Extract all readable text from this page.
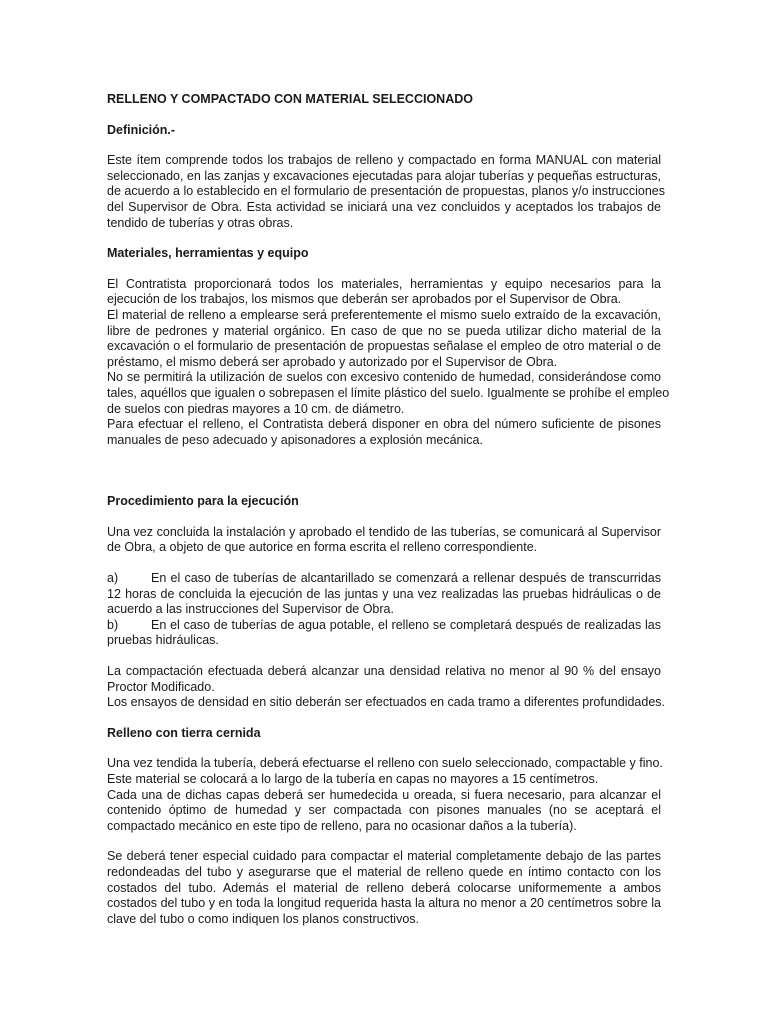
RELLENO Y COMPACTADO CON MATERIAL SELECCIONADO

Definición.-

Este ítem comprende todos los trabajos de relleno y compactado en forma MANUAL con material
seleccionado, en las zanjas y excavaciones ejecutadas para alojar tuberías y pequeñas estructuras,
de acuerdo a lo establecido en el formulario de presentación de propuestas, planos y/o instrucciones
del Supervisor de Obra. Esta actividad se iniciará una vez concluidos y aceptados los trabajos de
tendido de tuberías y otras obras.

Materiales, herramientas y equipo

El Contratista proporcionará todos los materiales, herramientas y equipo necesarios para la
ejecución de los trabajos, los mismos que deberán ser aprobados por el Supervisor de Obra.
El material de relleno a emplearse será preferentemente el mismo suelo extraído de la excavación,
libre de pedrones y material orgánico. En caso de que no se pueda utilizar dicho material de la
excavación o el formulario de presentación de propuestas señalase el empleo de otro material o de
préstamo, el mismo deberá ser aprobado y autorizado por el Supervisor de Obra.
No se permitirá la utilización de suelos con excesivo contenido de humedad, considerándose como
tales, aquéllos que igualen o sobrepasen el límite plástico del suelo. Igualmente se prohíbe el empleo
de suelos con piedras mayores a 10 cm. de diámetro.
Para efectuar el relleno, el Contratista deberá disponer en obra del número suficiente de pisones
manuales de peso adecuado y apisonadores a explosión mecánica.

Procedimiento para la ejecución

Una vez concluida la instalación y aprobado el tendido de las tuberías, se comunicará al Supervisor
de Obra, a objeto de que autorice en forma escrita el relleno correspondiente.

a)	En el caso de tuberías de alcantarillado se comenzará a rellenar después de transcurridas
12 horas de concluida la ejecución de las juntas y una vez realizadas las pruebas hidráulicas o de
acuerdo a las instrucciones del Supervisor de Obra.
b)	En el caso de tuberías de agua potable, el relleno se completará después de realizadas las
pruebas hidráulicas.

La compactación efectuada deberá alcanzar una densidad relativa no menor al 90 % del ensayo
Proctor Modificado.
Los ensayos de densidad en sitio deberán ser efectuados en cada tramo a diferentes profundidades.

Relleno con tierra cernida

Una vez tendida la tubería, deberá efectuarse el relleno con suelo seleccionado, compactable y fino.
Este material se colocará a lo largo de la tubería en capas no mayores a 15 centímetros.
Cada una de dichas capas deberá ser humedecida u oreada, si fuera necesario, para alcanzar el
contenido óptimo de humedad y ser compactada con pisones manuales (no se aceptará el
compactado mecánico en este tipo de relleno, para no ocasionar daños a la tubería).

Se deberá tener especial cuidado para compactar el material completamente debajo de las partes
redondeadas del tubo y asegurarse que el material de relleno quede en íntimo contacto con los
costados del tubo. Además el material de relleno deberá colocarse uniformemente a ambos
costados del tubo y en toda la longitud requerida hasta la altura no menor a 20 centímetros sobre la
clave del tubo o como indiquen los planos constructivos.
